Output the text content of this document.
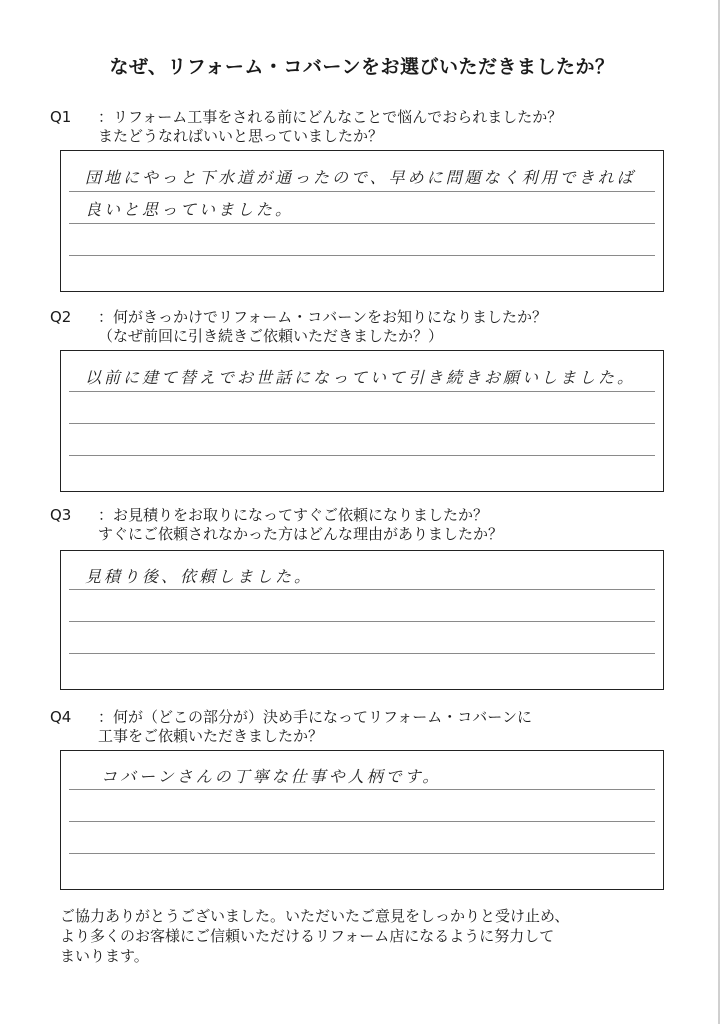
なぜ、リフォーム・コバーンをお選びいただきましたか？
Q1	：リフォーム工事をされる前にどんなことで悩んでおられましたか？
またどうなればいいと思っていましたか？
団地にやっと下水道が通ったので、早めに問題なく利用できれば
良いと思っていました。
Q2	：何がきっかけでリフォーム・コバーンをお知りになりましたか？
（なぜ前回に引き続きご依頼いただきましたか？）
以前に建て替えでお世話になっていて引き続きお願いしました。
Q3	：お見積りをお取りになってすぐご依頼になりましたか？
すぐにご依頼されなかった方はどんな理由がありましたか？
見積り後、依頼しました。
Q4	：何が（どこの部分が）決め手になってリフォーム・コバーンに
工事をご依頼いただきましたか？
コバーンさんの丁寧な仕事や人柄です。
ご協力ありがとうございました。いただいたご意見をしっかりと受け止め、
より多くのお客様にご信頼いただけるリフォーム店になるように努力して
まいります。
